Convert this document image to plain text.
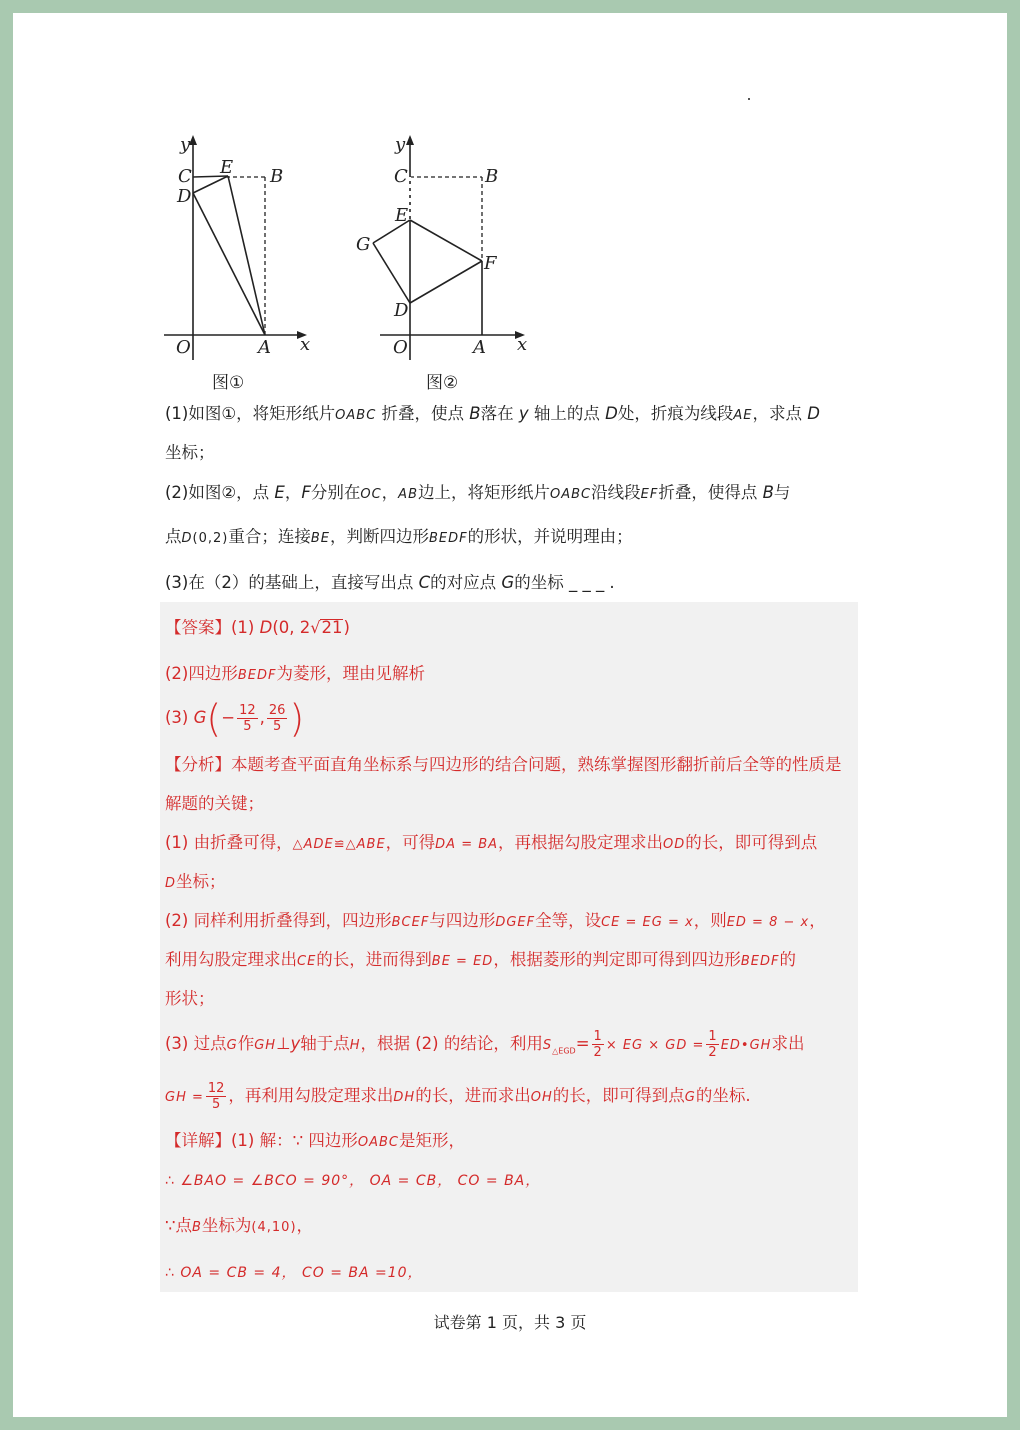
y
C E B
D
O	A x
图①
y
C	B
E
G
F
D
O	A x
图②
(1)如图①，将矩形纸片OABC 折叠，使点 B落在 y 轴上的点 D处，折痕为线段AE，求点 D
坐标；
(2)如图②，点 E，F分别在OC，AB边上，将矩形纸片OABC沿线段EF折叠，使得点 B与
点D(0,2)重合；连接BE，判断四边形BEDF的形状，并说明理由；
(3)在（2）的基础上，直接写出点 C的对应点 G的坐标 _ _ _ .
【答案】(1) D(0, 2√21)
(2)四边形BEDF为菱形，理由见解析
(3) $G(- \frac{12}{5}$ , $\frac{26}{5}$ )
【分析】本题考查平面直角坐标系与四边形的结合问题，熟练掌握图形翻折前后全等的性质是
解题的关键；
(1) 由折叠可得，△ADE≌△ABE，可得DA = BA，再根据勾股定理求出OD的长，即可得到点
D坐标；
(2) 同样利用折叠得到，四边形BCEF与四边形DGEF全等，设CE = EG = x，则ED = 8 − x，
利用勾股定理求出CE的长，进而得到BE = ED，根据菱形的判定即可得到四边形BEDF的
形状；
(3) 过点G作GH⊥y轴于点H，根据 (2) 的结论，利用$S_{\triangle EGD}= \frac{1}{2}$ × EG × GD = $\frac{1}{2}$ ED•GH求出
GH = $\frac{12}{5}$ ，再利用勾股定理求出DH的长，进而求出OH的长，即可得到点G的坐标.
【详解】(1) 解：∵ 四边形OABC是矩形，
∴ ∠BAO = ∠BCO = 90°， OA = CB， CO = BA，
∵点B坐标为(4,10)，
∴ OA = CB = 4， CO = BA =10，
试卷第 1 页，共 3 页
